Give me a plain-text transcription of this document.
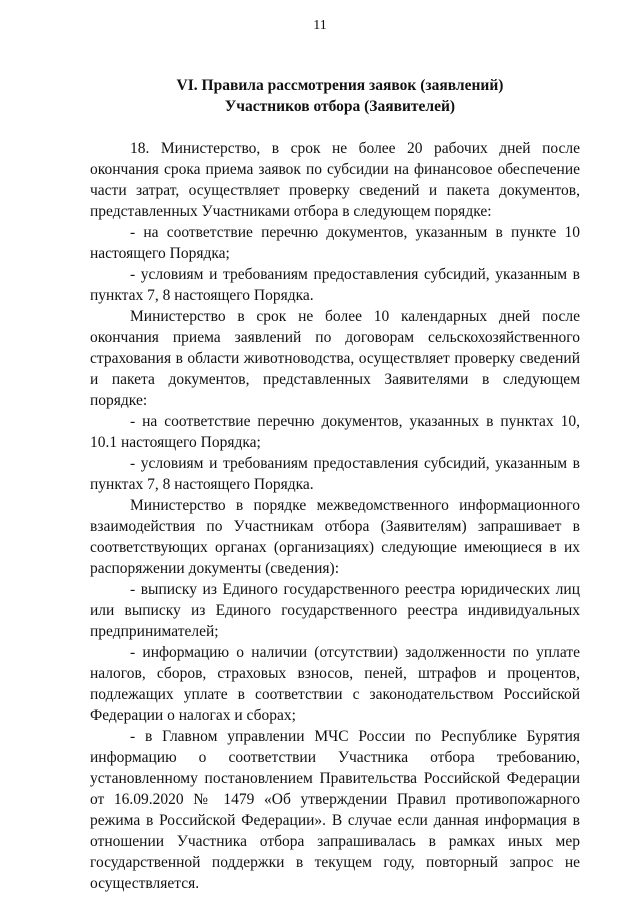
11
VI. Правила рассмотрения заявок (заявлений)
Участников отбора (Заявителей)

18. Министерство, в срок не более 20 рабочих дней после окончания срока приема заявок по субсидии на финансовое обеспечение части затрат, осуществляет проверку сведений и пакета документов, представленных Участниками отбора в следующем порядке:

- на соответствие перечню документов, указанным в пункте 10 настоящего Порядка;

- условиям и требованиям предоставления субсидий, указанным в пунктах 7, 8 настоящего Порядка.

Министерство в срок не более 10 календарных дней после окончания приема заявлений по договорам сельскохозяйственного страхования в области животноводства, осуществляет проверку сведений и пакета документов, представленных Заявителями в следующем порядке:

- на соответствие перечню документов, указанных в пунктах 10, 10.1 настоящего Порядка;

- условиям и требованиям предоставления субсидий, указанным в пунктах 7, 8 настоящего Порядка.

Министерство в порядке межведомственного информационного взаимодействия по Участникам отбора (Заявителям) запрашивает в соответствующих органах (организациях) следующие имеющиеся в их распоряжении документы (сведения):

- выписку из Единого государственного реестра юридических лиц или выписку из Единого государственного реестра индивидуальных предпринимателей;

- информацию о наличии (отсутствии) задолженности по уплате налогов, сборов, страховых взносов, пеней, штрафов и процентов, подлежащих уплате в соответствии с законодательством Российской Федерации о налогах и сборах;

- в Главном управлении МЧС России по Республике Бурятия информацию о соответствии Участника отбора требованию, установленному постановлением Правительства Российской Федерации от 16.09.2020 № 1479 «Об утверждении Правил противопожарного режима в Российской Федерации». В случае если данная информация в отношении Участника отбора запрашивалась в рамках иных мер государственной поддержки в текущем году, повторный запрос не осуществляется.
